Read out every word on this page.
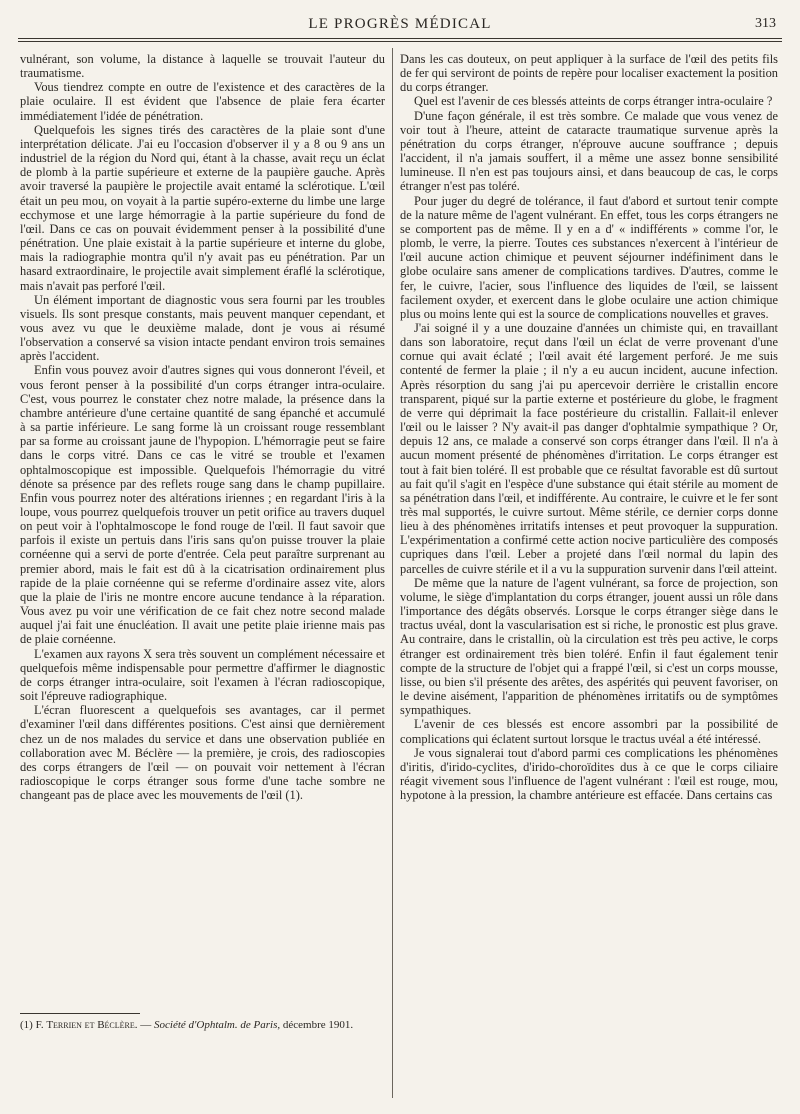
LE PROGRÈS MÉDICAL	313

vulnérant, son volume, la distance à laquelle se trouvait l'auteur du traumatisme.

Vous tiendrez compte en outre de l'existence et des caractères de la plaie oculaire. Il est évident que l'absence de plaie fera écarter immédiatement l'idée de pénétration.

Quelquefois les signes tirés des caractères de la plaie sont d'une interprétation délicate. J'ai eu l'occasion d'observer il y a 8 ou 9 ans un industriel de la région du Nord qui, étant à la chasse, avait reçu un éclat de plomb à la partie supérieure et externe de la paupière gauche. Après avoir traversé la paupière le projectile avait entamé la sclérotique. L'œil était un peu mou, on voyait à la partie supéro-externe du limbe une large ecchymose et une large hémorragie à la partie supérieure du fond de l'œil. Dans ce cas on pouvait évidemment penser à la possibilité d'une pénétration. Une plaie existait à la partie supérieure et interne du globe, mais la radiographie montra qu'il n'y avait pas eu pénétration. Par un hasard extraordinaire, le projectile avait simplement éraflé la sclérotique, mais n'avait pas perforé l'œil.

Un élément important de diagnostic vous sera fourni par les troubles visuels. Ils sont presque constants, mais peuvent manquer cependant, et vous avez vu que le deuxième malade, dont je vous ai résumé l'observation a conservé sa vision intacte pendant environ trois semaines après l'accident.

Enfin vous pouvez avoir d'autres signes qui vous donneront l'éveil, et vous feront penser à la possibilité d'un corps étranger intra-oculaire. C'est, vous pourrez le constater chez notre malade, la présence dans la chambre antérieure d'une certaine quantité de sang épanché et accumulé à sa partie inférieure. Le sang forme là un croissant rouge ressemblant par sa forme au croissant jaune de l'hypopion. L'hémorragie peut se faire dans le corps vitré. Dans ce cas le vitré se trouble et l'examen ophtalmoscopique est impossible. Quelquefois l'hémorragie du vitré dénote sa présence par des reflets rouge sang dans le champ pupillaire. Enfin vous pourrez noter des altérations iriennes ; en regardant l'iris à la loupe, vous pourrez quelquefois trouver un petit orifice au travers duquel on peut voir à l'ophtalmoscope le fond rouge de l'œil. Il faut savoir que parfois il existe un pertuis dans l'iris sans qu'on puisse trouver la plaie cornéenne qui a servi de porte d'entrée. Cela peut paraître surprenant au premier abord, mais le fait est dû à la cicatrisation ordinairement plus rapide de la plaie cornéenne qui se referme d'ordinaire assez vite, alors que la plaie de l'iris ne montre encore aucune tendance à la réparation. Vous avez pu voir une vérification de ce fait chez notre second malade auquel j'ai fait une énucléation. Il avait une petite plaie irienne mais pas de plaie cornéenne.

L'examen aux rayons X sera très souvent un complément nécessaire et quelquefois même indispensable pour permettre d'affirmer le diagnostic de corps étranger intra-oculaire, soit l'examen à l'écran radioscopique, soit l'épreuve radiographique.

L'écran fluorescent a quelquefois ses avantages, car il permet d'examiner l'œil dans différentes positions. C'est ainsi que dernièrement chez un de nos malades du service et dans une observation publiée en collaboration avec M. Béclère — la première, je crois, des radioscopies des corps étrangers de l'œil — on pouvait voir nettement à l'écran radioscopique le corps étranger sous forme d'une tache sombre ne changeant pas de place avec les mouvements de l'œil (1).

Dans les cas douteux, on peut appliquer à la surface de l'œil des petits fils de fer qui serviront de points de repère pour localiser exactement la position du corps étranger.

Quel est l'avenir de ces blessés atteints de corps étranger intra-oculaire ?

D'une façon générale, il est très sombre. Ce malade que vous venez de voir tout à l'heure, atteint de cataracte traumatique survenue après la pénétration du corps étranger, n'éprouve aucune souffrance ; depuis l'accident, il n'a jamais souffert, il a même une assez bonne sensibilité lumineuse. Il n'en est pas toujours ainsi, et dans beaucoup de cas, le corps étranger n'est pas toléré.

Pour juger du degré de tolérance, il faut d'abord et surtout tenir compte de la nature même de l'agent vulnérant. En effet, tous les corps étrangers ne se comportent pas de même. Il y en a d' « indifférents » comme l'or, le plomb, le verre, la pierre. Toutes ces substances n'exercent à l'intérieur de l'œil aucune action chimique et peuvent séjourner indéfiniment dans le globe oculaire sans amener de complications tardives. D'autres, comme le fer, le cuivre, l'acier, sous l'influence des liquides de l'œil, se laissent facilement oxyder, et exercent dans le globe oculaire une action chimique plus ou moins lente qui est la source de complications nouvelles et graves.

J'ai soigné il y a une douzaine d'années un chimiste qui, en travaillant dans son laboratoire, reçut dans l'œil un éclat de verre provenant d'une cornue qui avait éclaté ; l'œil avait été largement perforé. Je me suis contenté de fermer la plaie ; il n'y a eu aucun incident, aucune infection. Après résorption du sang j'ai pu apercevoir derrière le cristallin encore transparent, piqué sur la partie externe et postérieure du globe, le fragment de verre qui déprimait la face postérieure du cristallin. Fallait-il enlever l'œil ou le laisser ? N'y avait-il pas danger d'ophtalmie sympathique ? Or, depuis 12 ans, ce malade a conservé son corps étranger dans l'œil. Il n'a à aucun moment présenté de phénomènes d'irritation. Le corps étranger est tout à fait bien toléré. Il est probable que ce résultat favorable est dû surtout au fait qu'il s'agit en l'espèce d'une substance qui était stérile au moment de sa pénétration dans l'œil, et indifférente. Au contraire, le cuivre et le fer sont très mal supportés, le cuivre surtout. Même stérile, ce dernier corps donne lieu à des phénomènes irritatifs intenses et peut provoquer la suppuration. L'expérimentation a confirmé cette action nocive particulière des composés cupriques dans l'œil. Leber a projeté dans l'œil normal du lapin des parcelles de cuivre stérile et il a vu la suppuration survenir dans l'œil atteint.

De même que la nature de l'agent vulnérant, sa force de projection, son volume, le siège d'implantation du corps étranger, jouent aussi un rôle dans l'importance des dégâts observés. Lorsque le corps étranger siège dans le tractus uvéal, dont la vascularisation est si riche, le pronostic est plus grave. Au contraire, dans le cristallin, où la circulation est très peu active, le corps étranger est ordinairement très bien toléré. Enfin il faut également tenir compte de la structure de l'objet qui a frappé l'œil, si c'est un corps mousse, lisse, ou bien s'il présente des arêtes, des aspérités qui peuvent favoriser, on le devine aisément, l'apparition de phénomènes irritatifs ou de symptômes sympathiques.

L'avenir de ces blessés est encore assombri par la possibilité de complications qui éclatent surtout lorsque le tractus uvéal a été intéressé.

Je vous signalerai tout d'abord parmi ces complications les phénomènes d'iritis, d'irido-cyclites, d'irido-choroïdites dus à ce que le corps ciliaire réagit vivement sous l'influence de l'agent vulnérant : l'œil est rouge, mou, hypotone à la pression, la chambre antérieure est effacée. Dans certains cas

(1) F. Terrien et Béclère. — Société d'Ophtalm. de Paris, décembre 1901.
